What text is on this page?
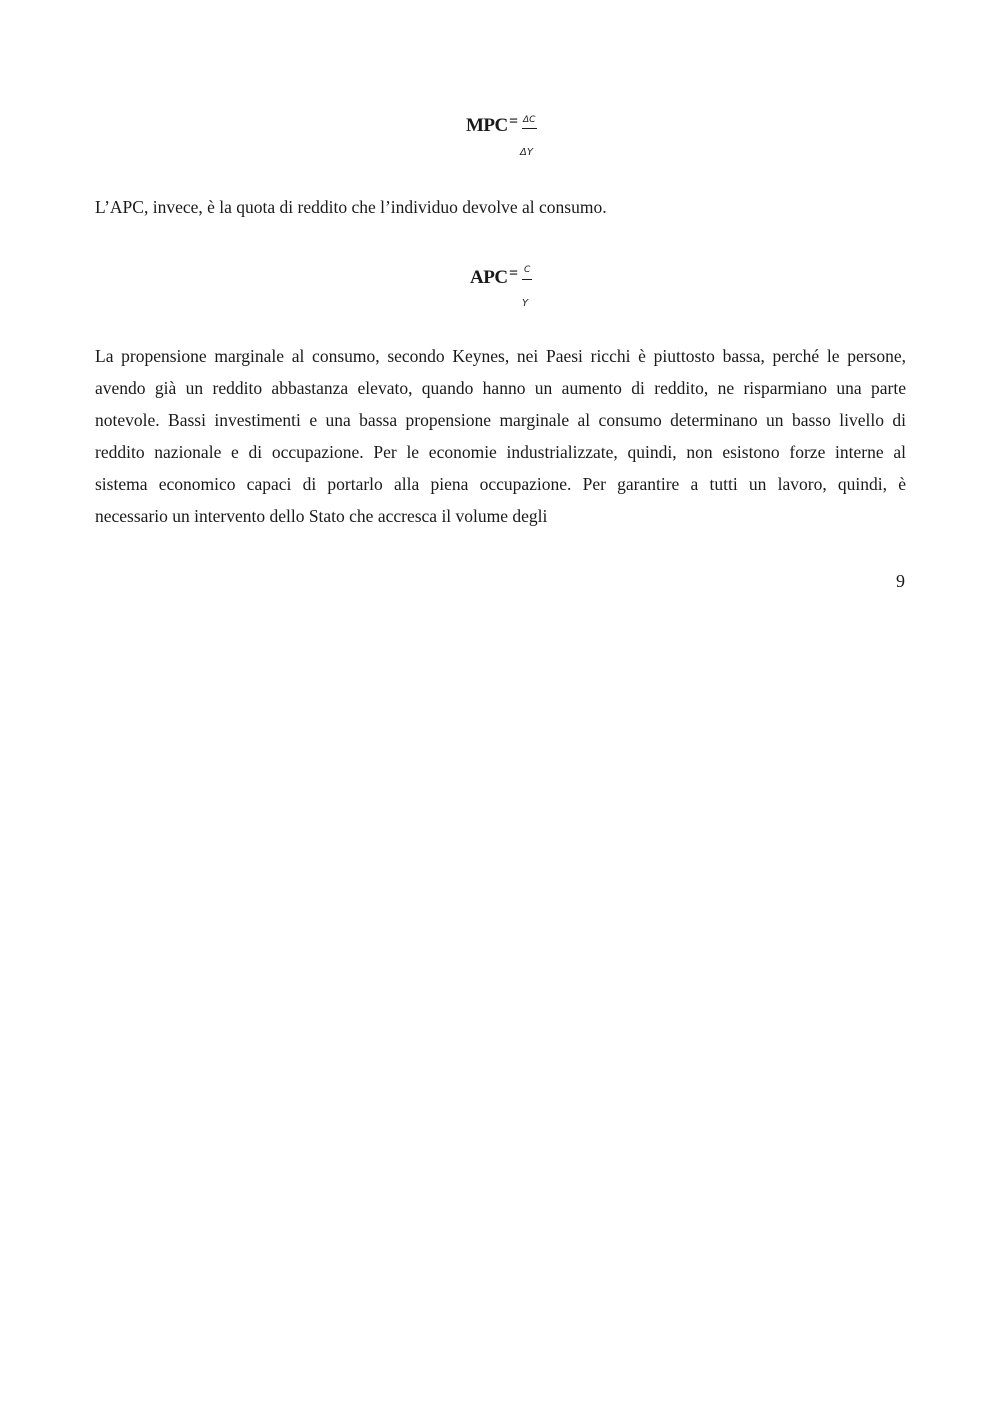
MPC = ΔC
ΔY
L’APC, invece, è la quota di reddito che l’individuo devolve al consumo.
APC = C
Y
La propensione marginale al consumo, secondo Keynes, nei Paesi ricchi è piuttosto bassa, perché le persone,
avendo già un reddito abbastanza elevato, quando hanno un aumento di reddito, ne risparmiano una parte
notevole. Bassi investimenti e una bassa propensione marginale al consumo determinano un basso livello di
reddito nazionale e di occupazione. Per le economie industrializzate, quindi, non esistono forze interne al
sistema economico capaci di portarlo alla piena occupazione. Per garantire a tutti un lavoro, quindi, è
necessario un intervento dello Stato che accresca il volume degli
9
